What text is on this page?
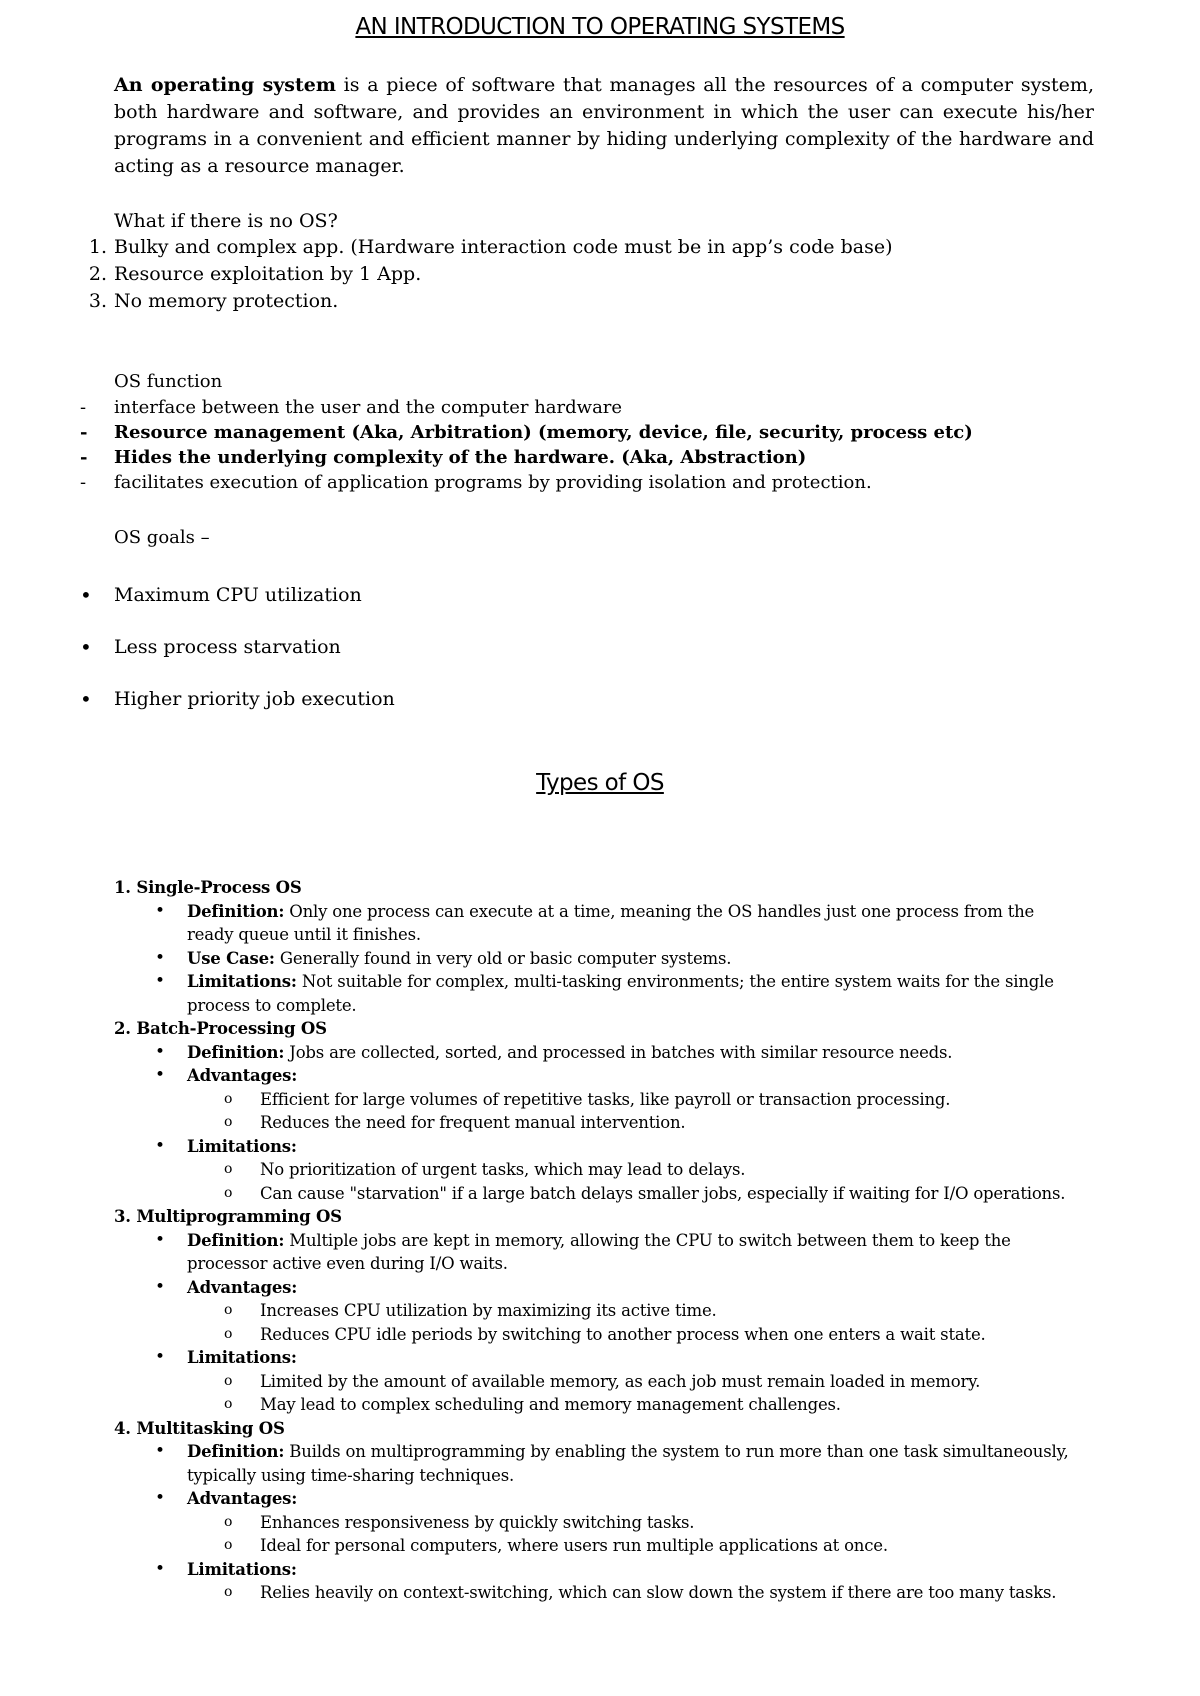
AN INTRODUCTION TO OPERATING SYSTEMS

An operating system is a piece of software that manages all the resources of a computer system, both hardware and software, and provides an environment in which the user can execute his/her programs in a convenient and efficient manner by hiding underlying complexity of the hardware and acting as a resource manager.

What if there is no OS?
1. Bulky and complex app. (Hardware interaction code must be in app’s code base)
2. Resource exploitation by 1 App.
3. No memory protection.
OS function
- interface between the user and the computer hardware
- Resource management (Aka, Arbitration) (memory, device, file, security, process etc)
- Hides the underlying complexity of the hardware. (Aka, Abstraction)
- facilitates execution of application programs by providing isolation and protection.
OS goals –
• Maximum CPU utilization
• Less process starvation
• Higher priority job execution
Types of OS
1. Single-Process OS
• Definition: Only one process can execute at a time, meaning the OS handles just one process from the ready queue until it finishes.
• Use Case: Generally found in very old or basic computer systems.
• Limitations: Not suitable for complex, multi-tasking environments; the entire system waits for the single process to complete.
2. Batch-Processing OS
• Definition: Jobs are collected, sorted, and processed in batches with similar resource needs.
• Advantages:
o Efficient for large volumes of repetitive tasks, like payroll or transaction processing.
o Reduces the need for frequent manual intervention.
• Limitations:
o No prioritization of urgent tasks, which may lead to delays.
o Can cause "starvation" if a large batch delays smaller jobs, especially if waiting for I/O operations.
3. Multiprogramming OS
• Definition: Multiple jobs are kept in memory, allowing the CPU to switch between them to keep the processor active even during I/O waits.
• Advantages:
o Increases CPU utilization by maximizing its active time.
o Reduces CPU idle periods by switching to another process when one enters a wait state.
• Limitations:
o Limited by the amount of available memory, as each job must remain loaded in memory.
o May lead to complex scheduling and memory management challenges.
4. Multitasking OS
• Definition: Builds on multiprogramming by enabling the system to run more than one task simultaneously, typically using time-sharing techniques.
• Advantages:
o Enhances responsiveness by quickly switching tasks.
o Ideal for personal computers, where users run multiple applications at once.
• Limitations:
o Relies heavily on context-switching, which can slow down the system if there are too many tasks.
